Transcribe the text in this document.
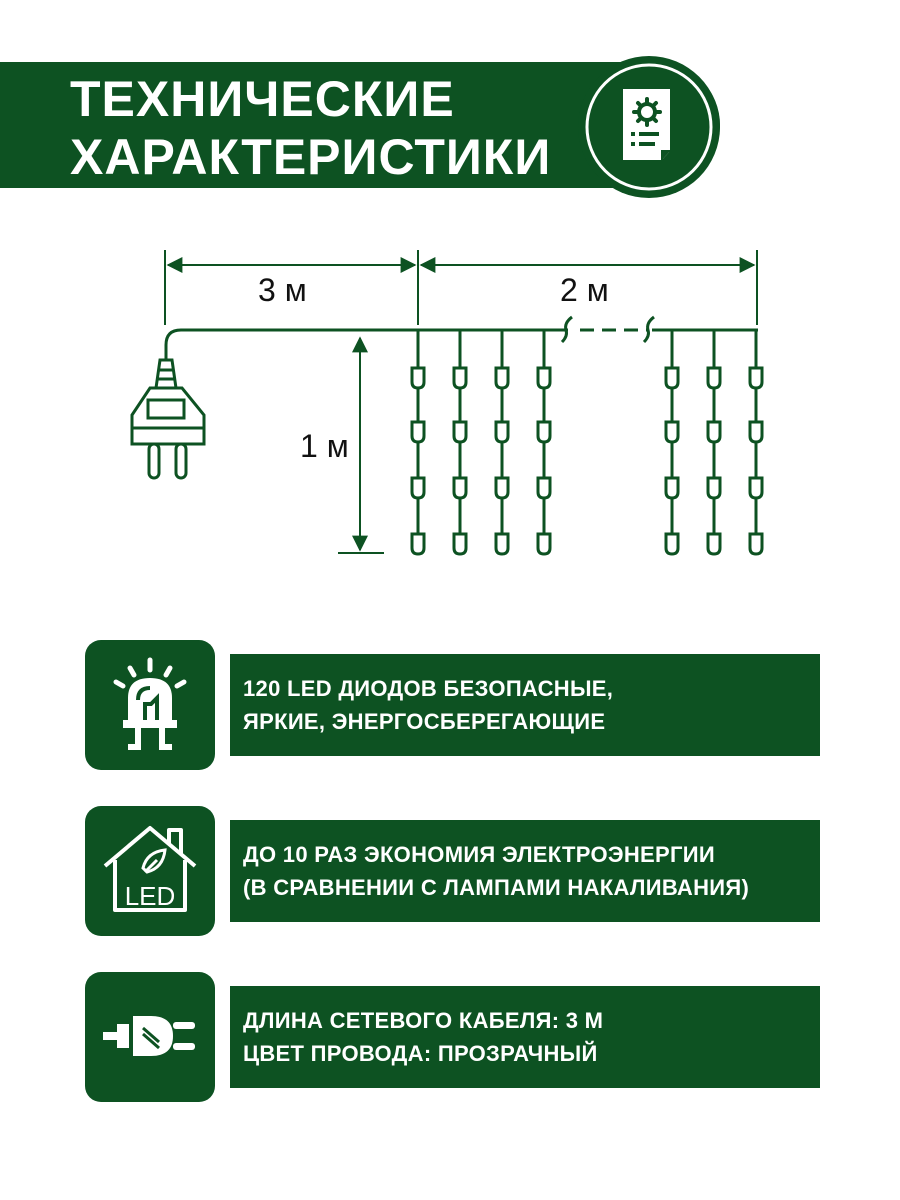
ТЕХНИЧЕСКИЕ
ХАРАКТЕРИСТИКИ
3 м	2 м
1 м
120 LED ДИОДОВ БЕЗОПАСНЫЕ,
ЯРКИЕ, ЭНЕРГОСБЕРЕГАЮЩИЕ
LED
ДО 10 РАЗ ЭКОНОМИЯ ЭЛЕКТРОЭНЕРГИИ
(В СРАВНЕНИИ С ЛАМПАМИ НАКАЛИВАНИЯ)
ДЛИНА СЕТЕВОГО КАБЕЛЯ: 3 М
ЦВЕТ ПРОВОДА: ПРОЗРАЧНЫЙ
